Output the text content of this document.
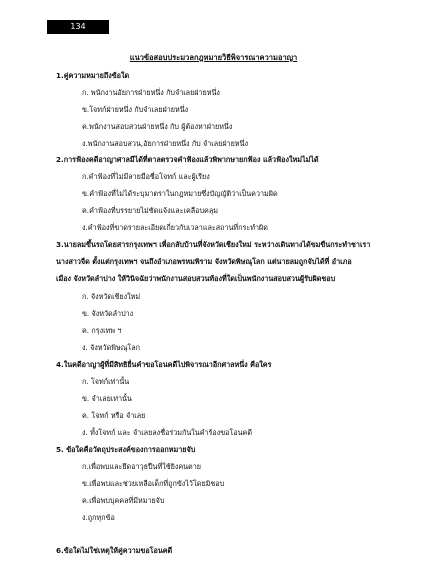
134
แนวข้อสอบประมวลกฎหมายวิธีพิจารณาความอาญา
1.คู่ความหมายถึงข้อใด
ก. พนักงานอัยการฝ่ายหนึ่ง กับจำเลยฝ่ายหนึ่ง
ข.โจทก์ฝ่ายหนึ่ง กับจำเลยฝ่ายหนึ่ง
ค.พนักงานสอบสวนฝ่ายหนึ่ง กับ ผู้ต้องหาฝ่ายหนึ่ง
ง.พนักงานสอบสวน,อัยการฝ่ายหนึ่ง กับ จำเลยฝ่ายหนึ่ง
2.การฟ้องคดีอาญาศาลมีได้ที่ตาลตรวจคำฟ้องแล้วพิพากษายกฟ้อง แล้วฟ้องใหม่ไม่ได้
ก.คำฟ้องที่ไม่มีลายมือชื่อโจทก์ และผู้เรียง
ข.คำฟ้องที่ไม่ได้ระบุมาตราในกฎหมายซึ่งบัญญัติว่าเป็นความผิด
ค.คำฟ้องที่บรรยายไม่ชัดแจ้งและเคลือบคลุม
ง.คำฟ้องที่ขาดรายละเอียดเกี่ยวกับเวลาและสถานที่กระทำผิด
3.นายลมขึ้นรถโดยสารกรุงเทพฯ เพื่อกลับบ้านที่จังหวัดเชียงใหม่ ระหว่างเดินทางได้ขมขืนกระทำชาเรา
นางสาวจืด ตั้งแต่กรุงเทพฯ จนถึงอำเภอพรหมพิราม จังหวัดพิษณุโลก แต่นายลมถูกจับได้ที่ อำเภอ
เมือง จังหวัดลำปาง ให้วินิจฉัยว่าพนักงานสอบสวนท้องที่ใดเป็นพนักงานสอบสวนผู้รับผิดชอบ
ก. จังหวัดเชียงใหม่
ข. จังหวัดลำปาง
ค. กรุงเทพ ฯ
ง. จังหวัดพิษณุโลก
4.ในคดีอาญาผู้ที่มีสิทธิยื่นคำขอโอนคดีไปพิจารณาอีกศาลหนึ่ง คือใคร
ก. โจทก์เท่านั้น
ข. จำเลยเท่านั้น
ค. โจทก์ หรือ จำเลย
ง. ทั้งโจทก์ และ จำเลยลงชื่อร่วมกันในคำร้องขอโอนคดี
5. ข้อใดคือวัตถุประสงค์ของการออกหมายจับ
ก.เพื่อพบและยึดอาวุธปืนที่ใช้ยิงคนตาย
ข.เพื่อพบและช่วยเหลือเด็กที่ถูกขังไว้โดยมิชอบ
ค.เพื่อพบบุคคลที่มีหมายจับ
ง.ถูกทุกข้อ
6.ข้อใดไม่ใช่เหตุให้คู่ความขอโอนคดี
